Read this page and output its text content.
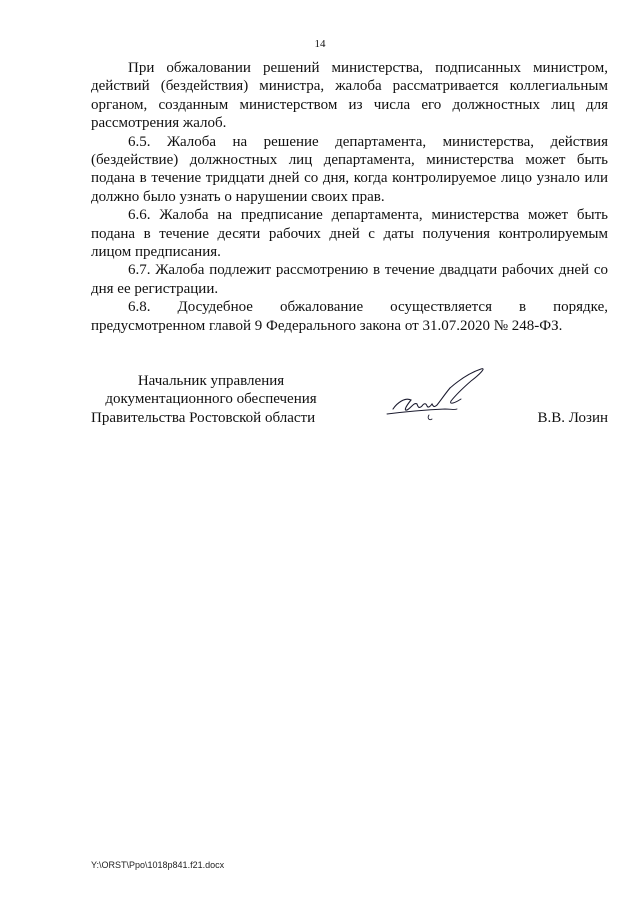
14

При обжаловании решений министерства, подписанных министром, действий (бездействия) министра, жалоба рассматривается коллегиальным органом, созданным министерством из числа его должностных лиц для рассмотрения жалоб.

6.5. Жалоба на решение департамента, министерства, действия (бездействие) должностных лиц департамента, министерства может быть подана в течение тридцати дней со дня, когда контролируемое лицо узнало или должно было узнать о нарушении своих прав.

6.6. Жалоба на предписание департамента, министерства может быть подана в течение десяти рабочих дней с даты получения контролируемым лицом предписания.

6.7. Жалоба подлежит рассмотрению в течение двадцати рабочих дней со дня ее регистрации.

6.8. Досудебное обжалование осуществляется в порядке, предусмотренном главой 9 Федерального закона от 31.07.2020 № 248-ФЗ.

Начальник управления
документационного обеспечения
Правительства Ростовской области	В.В. Лозин
Y:\ORST\Ppo\1018p841.f21.docx
